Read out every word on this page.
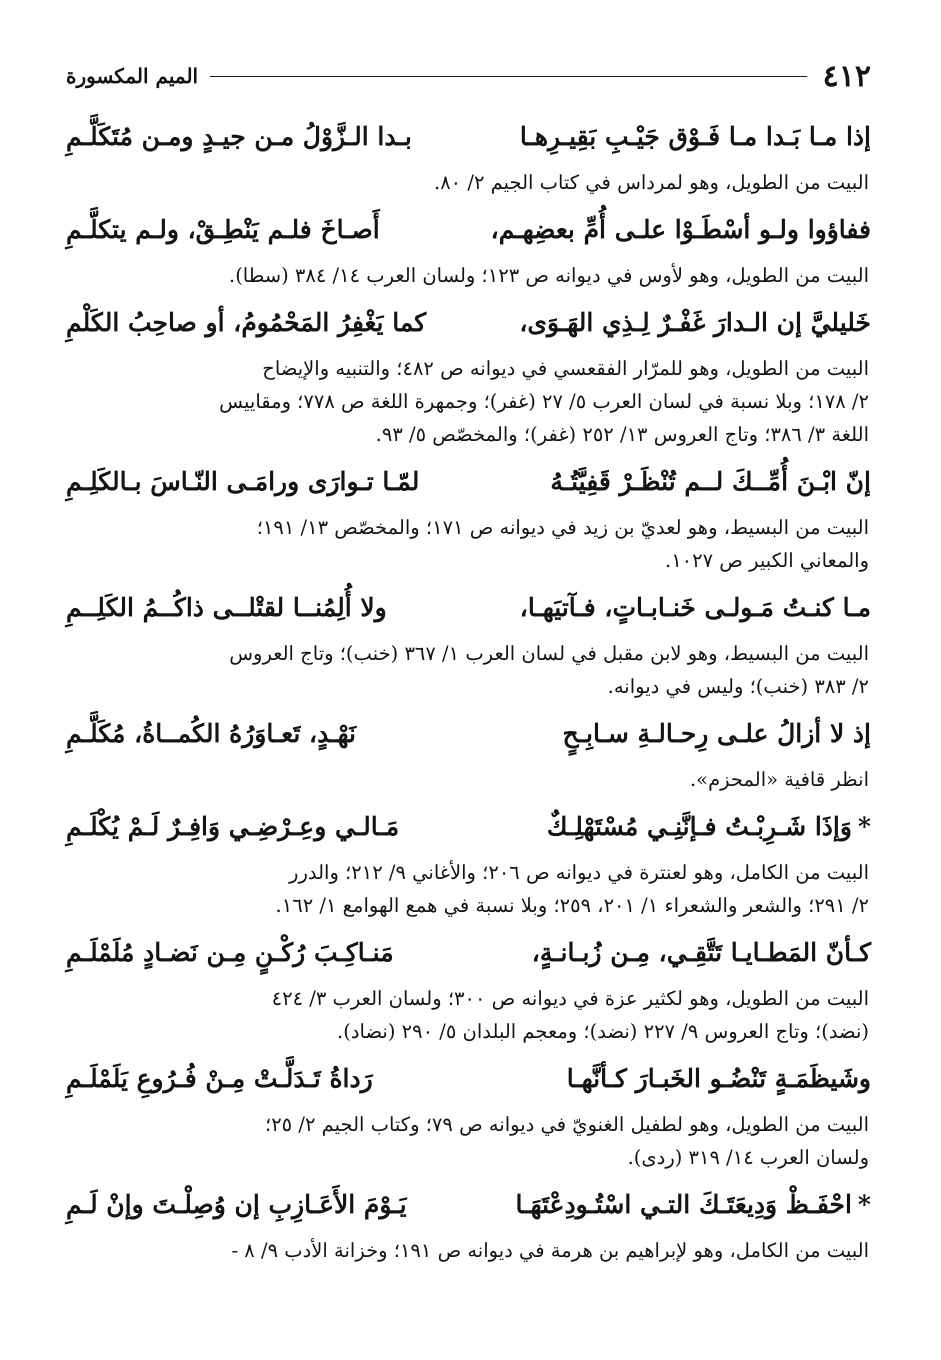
٤١٢
الميم المكسورة
إذا مـا بَـدا مـا فَـوْق جَيْـبِ بَقِيـرِهـا
بـدا الـزَّوْلُ مـن جيـدٍ ومـن مُتَكَلَّـمِ
البيت من الطويل، وهو لمرداس في كتاب الجيم ٢/ ٨٠.
ففاؤوا ولـو أسْطَـوْا علـى أُمِّ بعضِهـم،
أَصـاخَ فلـم يَنْطِـقْ، ولـم يتكلَّـمِ
البيت من الطويل، وهو لأوس في ديوانه ص ١٢٣؛ ولسان العرب ١٤/ ٣٨٤ (سطا).
خَليليَّ إن الـدارَ غَفْـرٌ لِـذِي الهَـوَى،
كما يَغْفِرُ المَحْمُومُ، أو صاحِبُ الكَلْمِ
البيت من الطويل، وهو للمرّار الفقعسي في ديوانه ص ٤٨٢؛ والتنبيه والإيضاح
٢/ ١٧٨؛ وبلا نسبة في لسان العرب ٥/ ٢٧ (غفر)؛ وجمهرة اللغة ص ٧٧٨؛ ومقاييس
اللغة ٣/ ٣٨٦؛ وتاج العروس ١٣/ ٢٥٢ (غفر)؛ والمخصّص ٥/ ٩٣.
إنّ ابْـنَ أُمِّــكَ لــم تُنْظَـرْ قَفِيَّتُـهُ
لمّـا تـوارَى ورامَـى النّـاسَ بـالكَلِـمِ
البيت من البسيط، وهو لعديّ بن زيد في ديوانه ص ١٧١؛ والمخصّص ١٣/ ١٩١؛
والمعاني الكبير ص ١٠٢٧.
مـا كنـتُ مَـولـى خَنـابـاتٍ، فـآتيَهـا،
ولا أُلِمُنــا لقتْلــى ذاكُــمُ الكَلِــمِ
البيت من البسيط، وهو لابن مقبل في لسان العرب ١/ ٣٦٧ (خنب)؛ وتاج العروس
٢/ ٣٨٣ (خنب)؛ وليس في ديوانه.
إذ لا أزالُ علـى رِحـالـةِ سـابِـحٍ
نَهْـدٍ، تَعـاوَرُهُ الكُمــاةُ، مُكَلَّـمِ
انظر قافية «المحزم».
*وَإذَا شَـرِبْـتُ فـإنَّنِـي مُسْتَهْلِـكٌ
مَـالـي وعِـرْضِـي وَافِـرٌ لَـمْ يُكْلَـمِ
البيت من الكامل، وهو لعنترة في ديوانه ص ٢٠٦؛ والأغاني ٩/ ٢١٢؛ والدرر
٢/ ٢٩١؛ والشعر والشعراء ١/ ٢٠١، ٢٥٩؛ وبلا نسبة في همع الهوامع ١/ ١٦٢.
كـأنّ المَطـايـا تَتَّقِـي، مِـن زُبـانـةٍ،
مَنـاكِـبَ رُكْـنٍ مِـن نَضـادٍ مُلَمْلَـمِ
البيت من الطويل، وهو لكثير عزة في ديوانه ص ٣٠٠؛ ولسان العرب ٣/ ٤٢٤
(نضد)؛ وتاج العروس ٩/ ٢٢٧ (نضد)؛ ومعجم البلدان ٥/ ٢٩٠ (نضاد).
وشَيظَمَـةٍ تَنْضُـو الخَبـارَ كـأنَّهـا
رَداةُ تَـدَلَّـتْ مِـنْ فُـرُوعِ يَلَمْلَـمِ
البيت من الطويل، وهو لطفيل الغنويّ في ديوانه ص ٧٩؛ وكتاب الجيم ٢/ ٢٥؛
ولسان العرب ١٤/ ٣١٩ (ردى).
*احْفَـظْ وَدِيعَتَـكَ التـي اسْتُـودِعْتَهَـا
يَـوْمَ الأَعَـازِبِ إن وُصِلْـتَ وإنْ لَـمِ
البيت من الكامل، وهو لإبراهيم بن هرمة في ديوانه ص ١٩١؛ وخزانة الأدب ٩/ ٨ -
